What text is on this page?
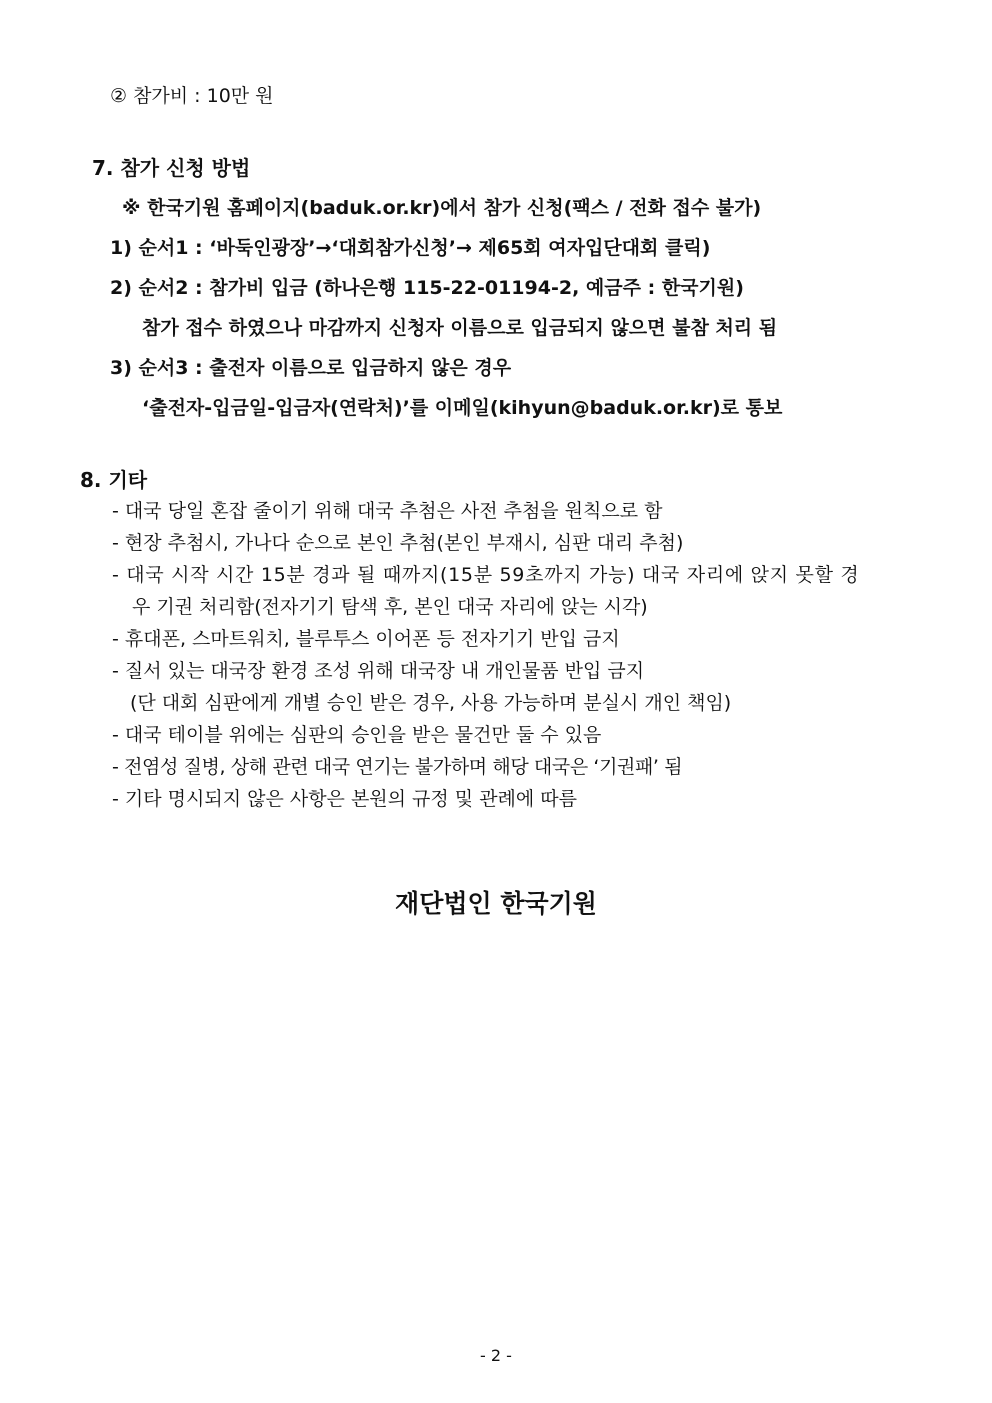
② 참가비 : 10만 원
7. 참가 신청 방법
※ 한국기원 홈페이지(baduk.or.kr)에서 참가 신청(팩스 / 전화 접수 불가)
1) 순서1 : ‘바둑인광장’→‘대회참가신청’→ 제65회 여자입단대회 클릭)
2) 순서2 : 참가비 입금 (하나은행 115-22-01194-2, 예금주 : 한국기원)
참가 접수 하였으나 마감까지 신청자 이름으로 입금되지 않으면 불참 처리 됨
3) 순서3 : 출전자 이름으로 입금하지 않은 경우
‘출전자-입금일-입금자(연락처)’를 이메일(kihyun@baduk.or.kr)로 통보
8. 기타
- 대국 당일 혼잡 줄이기 위해 대국 추첨은 사전 추첨을 원칙으로 함
- 현장 추첨시, 가나다 순으로 본인 추첨(본인 부재시, 심판 대리 추첨)
- 대국 시작 시간 15분 경과 될 때까지(15분 59초까지 가능) 대국 자리에 앉지 못할 경
우 기권 처리함(전자기기 탐색 후, 본인 대국 자리에 앉는 시각)
- 휴대폰, 스마트워치, 블루투스 이어폰 등 전자기기 반입 금지
- 질서 있는 대국장 환경 조성 위해 대국장 내 개인물품 반입 금지
(단 대회 심판에게 개별 승인 받은 경우, 사용 가능하며 분실시 개인 책임)
- 대국 테이블 위에는 심판의 승인을 받은 물건만 둘 수 있음
- 전염성 질병, 상해 관련 대국 연기는 불가하며 해당 대국은 ‘기권패’ 됨
- 기타 명시되지 않은 사항은 본원의 규정 및 관례에 따름
재단법인 한국기원
- 2 -
